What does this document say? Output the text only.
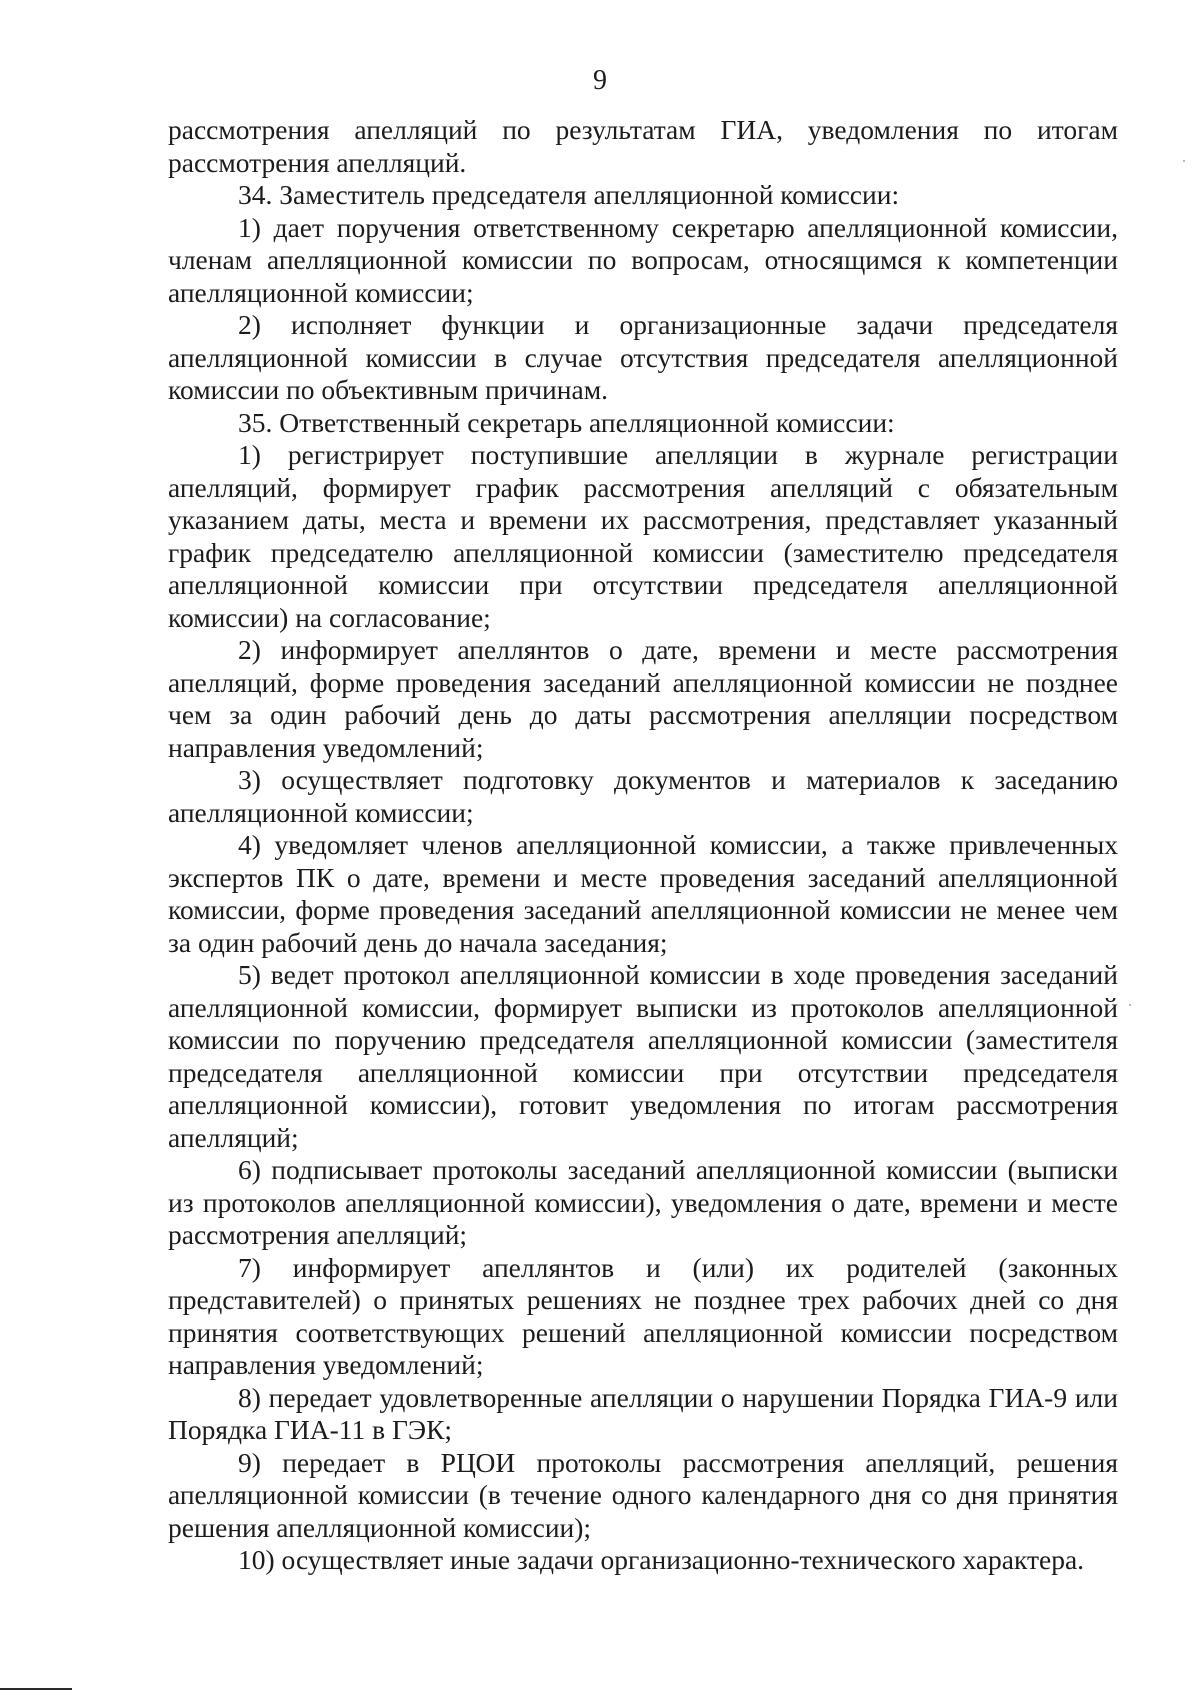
9

рассмотрения апелляций по результатам ГИА, уведомления по итогам рассмотрения апелляций.

34. Заместитель председателя апелляционной комиссии:

1) дает поручения ответственному секретарю апелляционной комиссии, членам апелляционной комиссии по вопросам, относящимся к компетенции апелляционной комиссии;

2) исполняет функции и организационные задачи председателя апелляционной комиссии в случае отсутствия председателя апелляционной комиссии по объективным причинам.

35. Ответственный секретарь апелляционной комиссии:

1) регистрирует поступившие апелляции в журнале регистрации апелляций, формирует график рассмотрения апелляций с обязательным указанием даты, места и времени их рассмотрения, представляет указанный график председателю апелляционной комиссии (заместителю председателя апелляционной комиссии при отсутствии председателя апелляционной комиссии) на согласование;

2) информирует апеллянтов о дате, времени и месте рассмотрения апелляций, форме проведения заседаний апелляционной комиссии не позднее чем за один рабочий день до даты рассмотрения апелляции посредством направления уведомлений;

3) осуществляет подготовку документов и материалов к заседанию апелляционной комиссии;

4) уведомляет членов апелляционной комиссии, а также привлеченных экспертов ПК о дате, времени и месте проведения заседаний апелляционной комиссии, форме проведения заседаний апелляционной комиссии не менее чем за один рабочий день до начала заседания;

5) ведет протокол апелляционной комиссии в ходе проведения заседаний апелляционной комиссии, формирует выписки из протоколов апелляционной комиссии по поручению председателя апелляционной комиссии (заместителя председателя апелляционной комиссии при отсутствии председателя апелляционной комиссии), готовит уведомления по итогам рассмотрения апелляций;

6) подписывает протоколы заседаний апелляционной комиссии (выписки из протоколов апелляционной комиссии), уведомления о дате, времени и месте рассмотрения апелляций;

7) информирует апеллянтов и (или) их родителей (законных представителей) о принятых решениях не позднее трех рабочих дней со дня принятия соответствующих решений апелляционной комиссии посредством направления уведомлений;

8) передает удовлетворенные апелляции о нарушении Порядка ГИА-9 или Порядка ГИА-11 в ГЭК;

9) передает в РЦОИ протоколы рассмотрения апелляций, решения апелляционной комиссии (в течение одного календарного дня со дня принятия решения апелляционной комиссии);

10) осуществляет иные задачи организационно-технического характера.
